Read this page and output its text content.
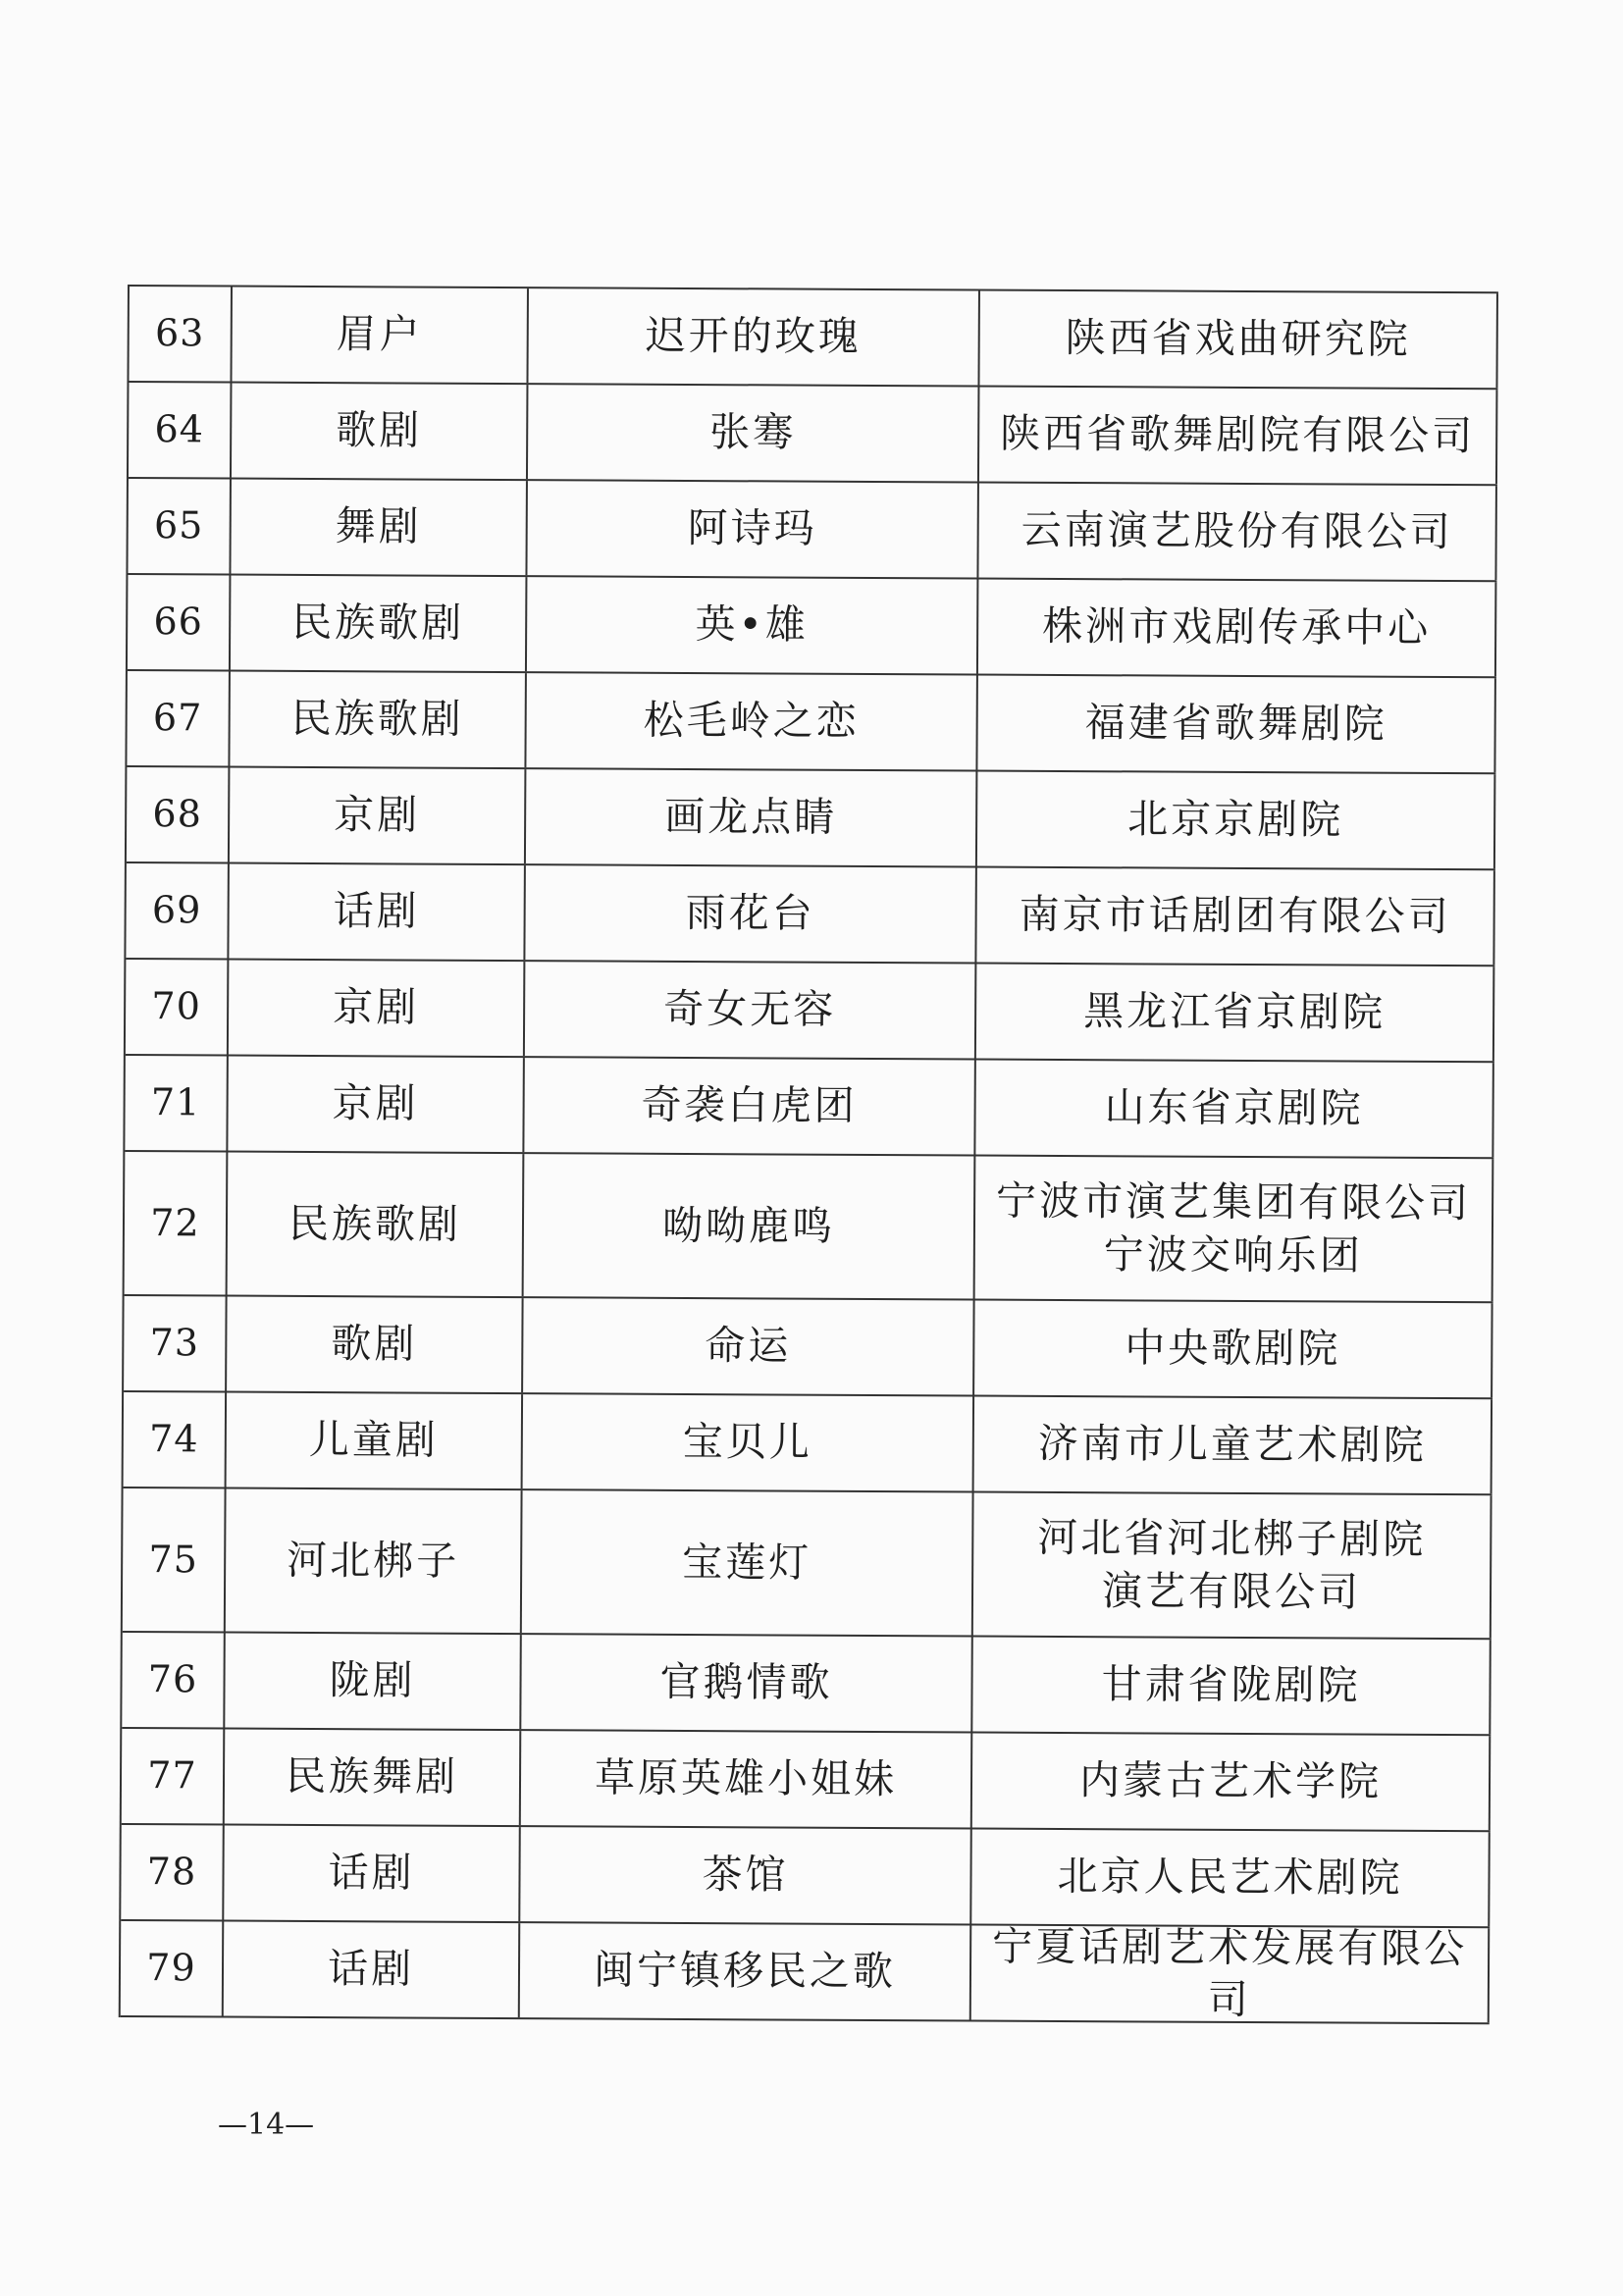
63	眉户	迟开的玫瑰	陕西省戏曲研究院
64	歌剧	张骞	陕西省歌舞剧院有限公司
65	舞剧	阿诗玛	云南演艺股份有限公司
66	民族歌剧	英•雄	株洲市戏剧传承中心
67	民族歌剧	松毛岭之恋	福建省歌舞剧院
68	京剧	画龙点睛	北京京剧院
69	话剧	雨花台	南京市话剧团有限公司
70	京剧	奇女无容	黑龙江省京剧院
71	京剧	奇袭白虎团	山东省京剧院
72	民族歌剧	呦呦鹿鸣	宁波市演艺集团有限公司
宁波交响乐团
73	歌剧	命运	中央歌剧院
74	儿童剧	宝贝儿	济南市儿童艺术剧院
75	河北梆子	宝莲灯	河北省河北梆子剧院
演艺有限公司
76	陇剧	官鹅情歌	甘肃省陇剧院
77	民族舞剧	草原英雄小姐妹	内蒙古艺术学院
78	话剧	茶馆	北京人民艺术剧院
79	话剧	闽宁镇移民之歌	宁夏话剧艺术发展有限公司
—14—
